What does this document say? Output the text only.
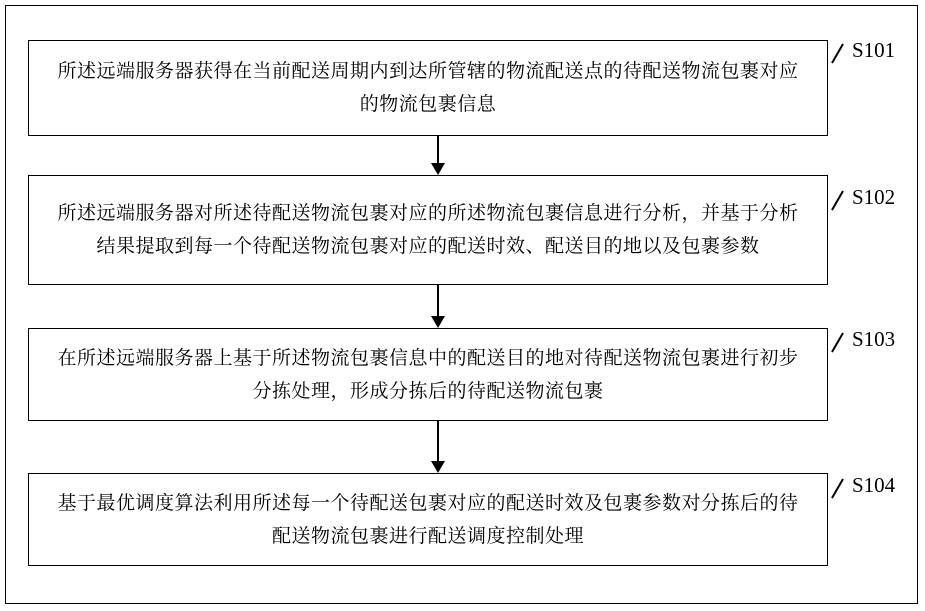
所述远端服务器获得在当前配送周期内到达所管辖的物流配送点的待配送物流包裹对应的物流包裹信息
S101
所述远端服务器对所述待配送物流包裹对应的所述物流包裹信息进行分析，并基于分析结果提取到每一个待配送物流包裹对应的配送时效、配送目的地以及包裹参数
S102
在所述远端服务器上基于所述物流包裹信息中的配送目的地对待配送物流包裹进行初步分拣处理，形成分拣后的待配送物流包裹
S103
基于最优调度算法利用所述每一个待配送包裹对应的配送时效及包裹参数对分拣后的待配送物流包裹进行配送调度控制处理
S104
